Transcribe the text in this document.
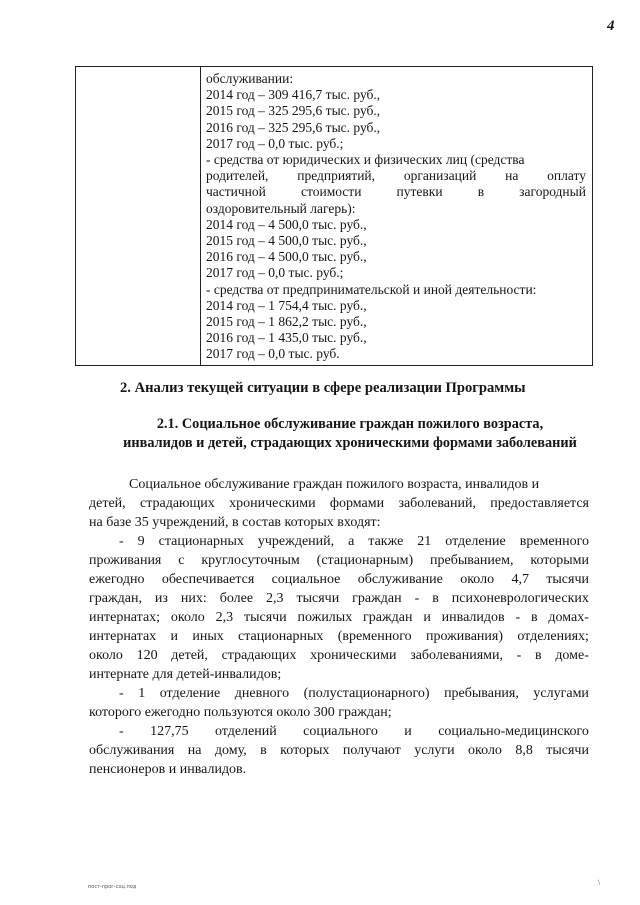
4
обслуживании:
2014 год – 309 416,7 тыс. руб.,
2015 год – 325 295,6 тыс. руб.,
2016 год – 325 295,6 тыс. руб.,
2017 год – 0,0 тыс. руб.;
- средства от юридических и физических лиц (средства
родителей, предприятий, организаций на оплату
частичной	стоимости	путевки	в	загородный
оздоровительный лагерь):
2014 год – 4 500,0 тыс. руб.,
2015 год – 4 500,0 тыс. руб.,
2016 год – 4 500,0 тыс. руб.,
2017 год – 0,0 тыс. руб.;
- средства от предпринимательской и иной деятельности:
2014 год – 1 754,4 тыс. руб.,
2015 год – 1 862,2 тыс. руб.,
2016 год – 1 435,0 тыс. руб.,
2017 год – 0,0 тыс. руб.
2. Анализ текущей ситуации в сфере реализации Программы
2.1. Социальное обслуживание граждан пожилого возраста,
инвалидов и детей, страдающих хроническими формами заболеваний
Социальное обслуживание граждан пожилого возраста, инвалидов и
детей, страдающих хроническими формами заболеваний, предоставляется
на базе 35 учреждений, в состав которых входят:
- 9 стационарных учреждений, а также 21 отделение временного
проживания с круглосуточным (стационарным) пребыванием, которыми
ежегодно обеспечивается социальное обслуживание около 4,7 тысячи
граждан, из них: более 2,3 тысячи граждан - в психоневрологических
интернатах; около 2,3 тысячи пожилых граждан и инвалидов - в домах-
интернатах и иных стационарных (временного проживания) отделениях;
около 120 детей, страдающих хроническими заболеваниями, - в доме-
интернате для детей-инвалидов;
- 1 отделение дневного (полустационарного) пребывания, услугами
которого ежегодно пользуются около 300 граждан;
- 127,75 отделений социального и социально-медицинского
обслуживания на дому, в которых получают услуги около 8,8 тысячи
пенсионеров и инвалидов.
пост-прог-соц.под	\
